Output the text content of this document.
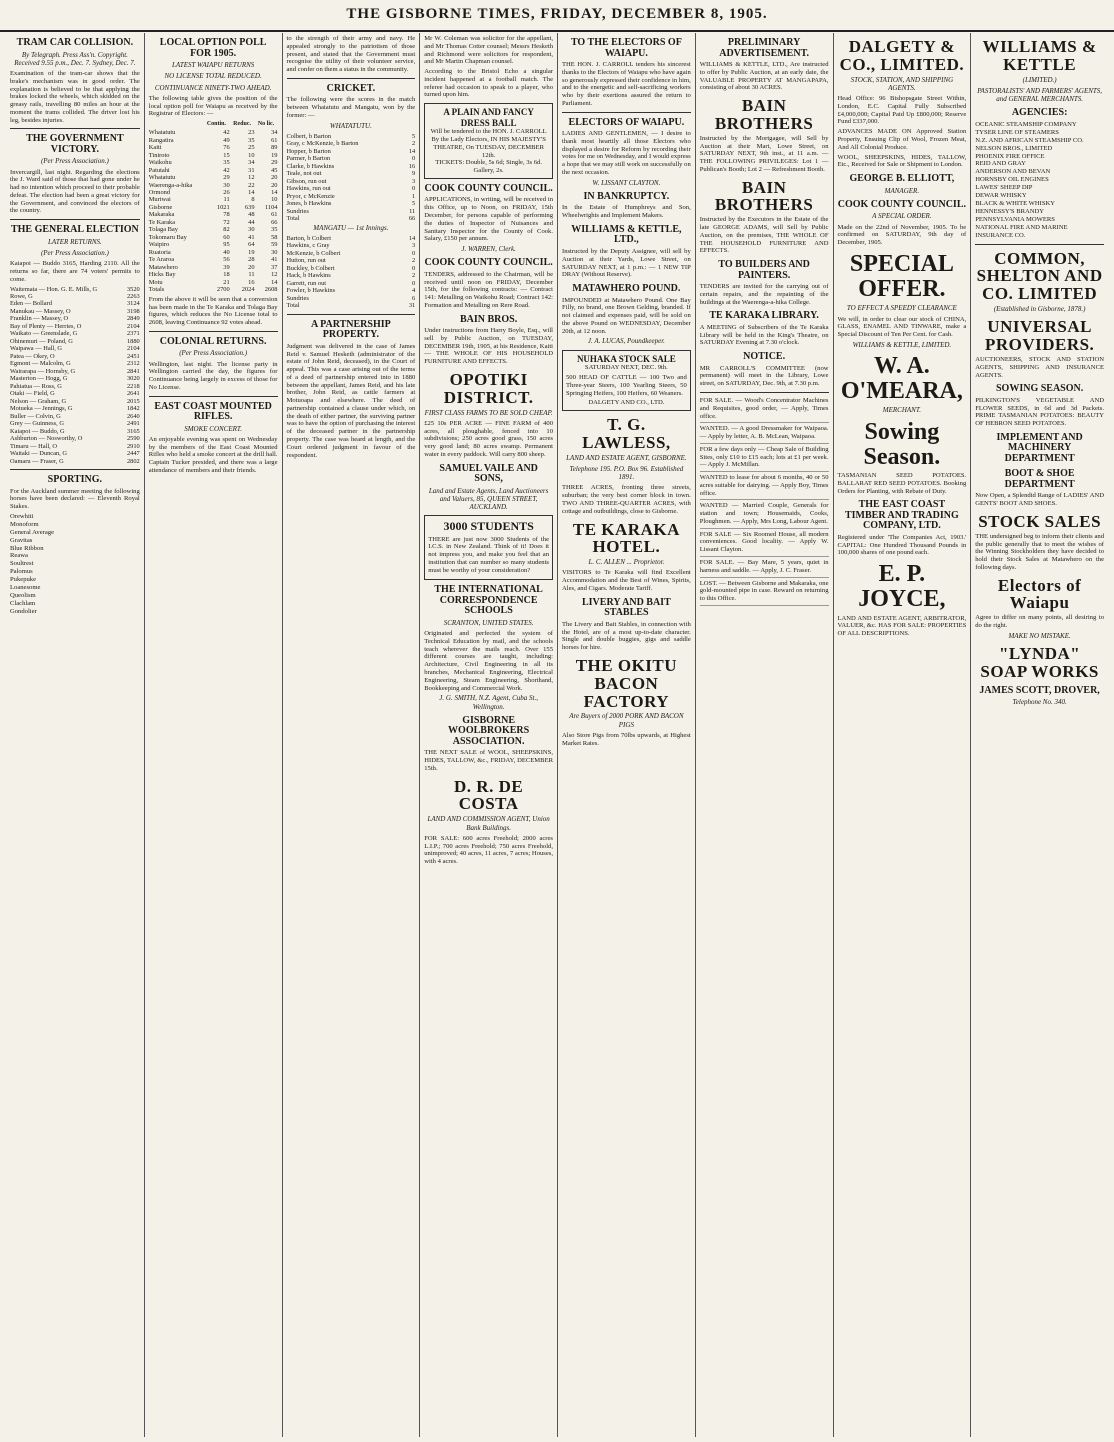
THE GISBORNE TIMES, FRIDAY, DECEMBER 8, 1905.
TRAM CAR COLLISION.
By Telegraph. Press Ass'n. Copyright. Received 9.55 p.m., Dec. 7. Sydney, Dec. 7.
Examination of the tram-car shows that the brake's mechanism was in good order. The explanation is believed to be that applying the brakes locked the wheels, which skidded on the greasy rails, travelling 80 miles an hour at the moment the trams collided. The driver lost his leg, besides injuries.
THE GOVERNMENT VICTORY.
(Per Press Association.)
Invercargill, last night. Regarding the elections the J. Ward said of those that had gone under he had no intention which proceed to their probable defeat. The election had been a great victory for the Government, and convinced the electors of the country.
THE GENERAL ELECTION
LATER RETURNS.
(Per Press Association.)
Kaiapoi — Buddo 3165, Harding 2110. All the returns so far, there are 74 voters' permits to come.
Waitemata — Hon. G. E. Mills, G	3520
Rowe, G	2263
Eden — Bollard	3124
Manukau — Massey, O	3198
Franklin — Massey, O	2849
Bay of Plenty — Herries, O	2104
Waikato — Greenslade, G	2371
Ohinemuri — Poland, G	1880
Waipawa — Hall, G	2104
Patea — Okey, O	2451
Egmont — Malcolm, G	2312
Wairarapa — Hornsby, G	2841
Masterton — Hogg, G	3020
Pahiatua — Ross, G	2218
Otaki — Field, G	2641
Nelson — Graham, G	2015
Motueka — Jennings, G	1842
Buller — Colvin, G	2640
Grey — Guinness, G	2491
Kaiapoi — Buddo, G	3165
Ashburton — Nosworthy, O	2590
Timaru — Hall, O	2910
Waitaki — Duncan, G	2447
Oamaru — Fraser, G	2802
SPORTING.
For the Auckland summer meeting the following horses have been declared: — Eleventh Royal Stakes.
Orewhiti
Monoform
General Average
Gravitas
Blue Ribbon
Reawa
Soultrest
Palomus
Pukepuke
Loanesome
Queolism
Clachlam
Gondolier
LOCAL OPTION POLL FOR 1905.
LATEST WAIAPU RETURNS
NO LICENSE TOTAL REDUCED.
CONTINUANCE NINETY-TWO AHEAD.
The following table gives the position of the local option poll for Waiapu as received by the Registrar of Electors: —
	Contin.	Reduc.	No lic.
Whatatutu	42	23	34
Rangatira	49	35	61
Kaiti	76	25	89
Tiniroto	15	10	19
Waikohu	35	34	29
Patutahi	42	31	45
Whatatutu	29	12	20
Waerenga-a-hika	30	22	20
Ormond	26	14	14
Muriwai	11	8	10
Gisborne	1021	639	1104
Makaraka	78	48	61
Te Karaka	72	44	66
Tolaga Bay	82	30	35
Tokomaru Bay	60	41	58
Waipiro	95	64	59
Ruatoria	40	19	30
Te Araroa	56	28	41
Matawhero	39	20	37
Hicks Bay	18	11	12
Motu	21	16	14
Totals	2700	2024	2608
From the above it will be seen that a conversion has been made in the Te Karaka and Tolaga Bay figures, which reduces the No License total to 2608, leaving Continuance 92 votes ahead.
COLONIAL RETURNS.
(Per Press Association.)
Wellington, last night. The license party in Wellington carried the day, the figures for Continuance being largely in excess of those for No License.
EAST COAST MOUNTED RIFLES.
SMOKE CONCERT.
An enjoyable evening was spent on Wednesday by the members of the East Coast Mounted Rifles who held a smoke concert at the drill hall. Captain Tucker presided, and there was a large attendance of members and their friends.
to the strength of their army and navy. He appealed strongly to the patriotism of those present, and stated that the Government must recognise the utility of their volunteer service, and confer on them a status in the community.
CRICKET.
The following were the scores in the match between Whatatutu and Mangatu, won by the former: —
WHATATUTU.
Colbert, b Barton	5
Gray, c McKenzie, b Barton	2
Hopper, b Barton	14
Parmer, b Barton	0
Clarke, b Hawkins	16
Teale, not out	9
Gibson, run out	3
Hawkins, run out	0
Pryor, c McKenzie	1
Jones, b Hawkins	5
Sundries	11
Total	66
MANGATU — 1st Innings.
Barton, b Colbert	14
Hawkins, c Gray	3
McKenzie, b Colbert	0
Hutton, run out	2
Buckley, b Colbert	0
Hack, b Hawkins	2
Garrett, run out	0
Fowler, b Hawkins	4
Sundries	6
Total	31
A PARTNERSHIP PROPERTY.
Judgment was delivered in the case of James Reid v. Samuel Hesketh (administrator of the estate of John Reid, deceased), in the Court of appeal. This was a case arising out of the terms of a deed of partnership entered into in 1880 between the appellant, James Reid, and his late brother, John Reid, as cattle farmers at Motuoapa and elsewhere. The deed of partnership contained a clause under which, on the death of either partner, the surviving partner was to have the option of purchasing the interest of the deceased partner in the partnership property. The case was heard at length, and the Court ordered judgment in favour of the respondent.
Mr W. Coleman was solicitor for the appellant, and Mr Thomas Cotter counsel; Messrs Hesketh and Richmond were solicitors for respondent, and Mr Martin Chapman counsel.
According to the Bristol Echo a singular incident happened at a football match. The referee had occasion to speak to a player, who turned upon him.
A PLAIN AND FANCY DRESS BALL
Will be tendered to the HON. J. CARROLL By the Lady Electors, IN HIS MAJESTY'S THEATRE, On TUESDAY, DECEMBER 12th.
TICKETS: Double, 5s 6d; Single, 3s 6d. Gallery, 2s.
COOK COUNTY COUNCIL.
APPLICATIONS, in writing, will be received in this Office, up to Noon, on FRIDAY, 15th December, for persons capable of performing the duties of Inspector of Nuisances and Sanitary Inspector for the County of Cook. Salary, £150 per annum.
J. WARREN, Clerk.
COOK COUNTY COUNCIL.
TENDERS, addressed to the Chairman, will be received until noon on FRIDAY, December 15th, for the following contracts: — Contract 141: Metalling on Waikohu Road; Contract 142: Formation and Metalling on Rere Road.
BAIN BROS.
Under instructions from Harry Boyle, Esq., will sell by Public Auction, on TUESDAY, DECEMBER 19th, 1905, at his Residence, Kaiti — THE WHOLE OF HIS HOUSEHOLD FURNITURE AND EFFECTS.
OPOTIKI DISTRICT.
FIRST CLASS FARMS TO BE SOLD CHEAP.
£25 10s PER ACRE — FINE FARM of 400 acres, all ploughable, fenced into 10 subdivisions; 250 acres good grass, 150 acres very good land; 80 acres swamp. Permanent water in every paddock. Will carry 800 sheep.
SAMUEL VAILE AND SONS,
Land and Estate Agents, Land Auctioneers and Valuers, 85, QUEEN STREET, AUCKLAND.
3000 STUDENTS
THERE are just now 3000 Students of the I.C.S. in New Zealand. Think of it! Does it not impress you, and make you feel that an institution that can number so many students must be worthy of your consideration?
THE INTERNATIONAL CORRESPONDENCE SCHOOLS
SCRANTON, UNITED STATES.
Originated and perfected the system of Technical Education by mail, and the schools teach wherever the mails reach. Over 155 different courses are taught, including: Architecture, Civil Engineering in all its branches, Mechanical Engineering, Electrical Engineering, Steam Engineering, Shorthand, Bookkeeping and Commercial Work.
J. G. SMITH, N.Z. Agent, Cuba St., Wellington.
GISBORNE WOOLBROKERS ASSOCIATION.
THE NEXT SALE of WOOL, SHEEPSKINS, HIDES, TALLOW, &c., FRIDAY, DECEMBER 15th.
D. R. DE COSTA
LAND AND COMMISSION AGENT, Union Bank Buildings.
FOR SALE: 600 acres Freehold; 2000 acres L.I.P.; 700 acres Freehold; 750 acres Freehold, unimproved; 40 acres, 11 acres, 7 acres; Houses, with 4 acres.
TO THE ELECTORS OF WAIAPU.
THE HON. J. CARROLL tenders his sincerest thanks to the Electors of Waiapu who have again so generously expressed their confidence in him, and to the energetic and self-sacrificing workers who by their exertions assured the return to Parliament.
ELECTORS OF WAIAPU.
LADIES AND GENTLEMEN, — I desire to thank most heartily all those Electors who displayed a desire for Reform by recording their votes for me on Wednesday, and I would express a hope that we may still work on successfully on the next occasion.
W. LISSANT CLAYTON.
IN BANKRUPTCY.
In the Estate of Humphreys and Son, Wheelwrights and Implement Makers.
WILLIAMS & KETTLE, LTD.,
Instructed by the Deputy Assignee, will sell by Auction at their Yards, Lowe Street, on SATURDAY NEXT, at 1 p.m.: — 1 NEW TIP DRAY (Without Reserve).
MATAWHERO POUND.
IMPOUNDED at Matawhero Pound. One Bay Filly, no brand, one Brown Gelding, branded. If not claimed and expenses paid, will be sold on the above Pound on WEDNESDAY, December 20th, at 12 noon.
J. A. LUCAS, Poundkeeper.
NUHAKA STOCK SALE
SATURDAY NEXT, DEC. 9th.
500 HEAD OF CATTLE — 100 Two and Three-year Steers, 100 Yearling Steers, 50 Springing Heifers, 100 Heifers, 60 Weaners.
DALGETY AND CO., LTD.
T. G. LAWLESS,
LAND AND ESTATE AGENT, GISBORNE.
Telephone 195. P.O. Box 96. Established 1891.
THREE ACRES, fronting three streets, suburban; the very best corner block in town. TWO AND THREE-QUARTER ACRES, with cottage and outbuildings, close to Gisborne.
TE KARAKA HOTEL.
L. C. ALLEN ... Proprietor.
VISITORS to Te Karaka will find Excellent Accommodation and the Best of Wines, Spirits, Ales, and Cigars. Moderate Tariff.
LIVERY AND BAIT STABLES
The Livery and Bait Stables, in connection with the Hotel, are of a most up-to-date character. Single and double buggies, gigs and saddle horses for hire.
THE OKITU BACON FACTORY
Are Buyers of 2000 PORK AND BACON PIGS
Also Store Pigs from 70lbs upwards, at Highest Market Rates.
PRELIMINARY ADVERTISEMENT.
WILLIAMS & KETTLE, LTD., Are instructed to offer by Public Auction, at an early date, the VALUABLE PROPERTY AT MANGAPAPA, consisting of about 30 ACRES.
BAIN BROTHERS
Instructed by the Mortgagee, will Sell by Auction at their Mart, Lowe Street, on SATURDAY NEXT, 9th inst., at 11 a.m. — THE FOLLOWING PRIVILEGES: Lot 1 — Publican's Booth; Lot 2 — Refreshment Booth.
BAIN BROTHERS
Instructed by the Executors in the Estate of the late GEORGE ADAMS, will Sell by Public Auction, on the premises, THE WHOLE OF THE HOUSEHOLD FURNITURE AND EFFECTS.
TO BUILDERS AND PAINTERS.
TENDERS are invited for the carrying out of certain repairs, and the repainting of the buildings at the Waerenga-a-hika College.
TE KARAKA LIBRARY.
A MEETING of Subscribers of the Te Karaka Library will be held in the King's Theatre, on SATURDAY Evening at 7.30 o'clock.
NOTICE.
MR CARROLL'S COMMITTEE (now permanent) will meet in the Library, Lowe street, on SATURDAY, Dec. 9th, at 7.30 p.m.
FOR SALE. — Wood's Concentrator Machines and Requisites, good order, — Apply, Times office.
WANTED. — A good Dressmaker for Waipaoa. — Apply by letter, A. B. McLean, Waipaoa.
FOR a few days only — Cheap Sale of Building Sites, only £10 to £15 each; lots at £1 per week. — Apply J. McMillan.
WANTED to lease for about 6 months, 40 or 50 acres suitable for dairying. — Apply Boy, Times office.
WANTED — Married Couple, Generals for station and town; Housemaids, Cooks, Ploughmen. — Apply, Mrs Long, Labour Agent.
FOR SALE — Six Roomed House, all modern conveniences. Good locality. — Apply W. Lissant Clayton.
FOR SALE. — Bay Mare, 5 years, quiet in harness and saddle. — Apply, J. C. Fraser.
LOST. — Between Gisborne and Makaraka, one gold-mounted pipe in case. Reward on returning to this Office.
DALGETY & CO., LIMITED.
STOCK, STATION, AND SHIPPING AGENTS.
Head Office: 96 Bishopsgate Street Within, London, E.C. Capital Fully Subscribed £4,000,000; Capital Paid Up £800,000; Reserve Fund £337,000.
ADVANCES MADE ON Approved Station Property, Ensuing Clip of Wool, Frozen Meat, And All Colonial Produce.
WOOL, SHEEPSKINS, HIDES, TALLOW, Etc., Received for Sale or Shipment to London.
GEORGE B. ELLIOTT,
MANAGER.
COOK COUNTY COUNCIL.
A SPECIAL ORDER.
Made on the 22nd of November, 1905. To be confirmed on SATURDAY, 9th day of December, 1905.
SPECIAL OFFER.
TO EFFECT A SPEEDY CLEARANCE
We will, in order to clear our stock of CHINA, GLASS, ENAMEL AND TINWARE, make a Special Discount of Ten Per Cent. for Cash.
WILLIAMS & KETTLE, LIMITED.
W. A. O'MEARA,
MERCHANT.
Sowing Season.
TASMANIAN SEED POTATOES. BALLARAT RED SEED POTATOES. Booking Orders for Planting, with Rebate of Duty.
THE EAST COAST TIMBER AND TRADING COMPANY, LTD.
Registered under 'The Companies Act, 1903.' CAPITAL: One Hundred Thousand Pounds in 100,000 shares of one pound each.
E. P. JOYCE,
LAND AND ESTATE AGENT, ARBITRATOR, VALUER, &c. HAS FOR SALE: PROPERTIES OF ALL DESCRIPTIONS.
WILLIAMS & KETTLE
(LIMITED.)
PASTORALISTS' AND FARMERS' AGENTS, and GENERAL MERCHANTS.
AGENCIES:
OCEANIC STEAMSHIP COMPANY
TYSER LINE OF STEAMERS
N.Z. AND AFRICAN STEAMSHIP CO.
NELSON BROS., LIMITED
PHOENIX FIRE OFFICE
REID AND GRAY
ANDERSON AND BEVAN
HORNSBY OIL ENGINES
LAWES' SHEEP DIP
DEWAR WHISKY
BLACK & WHITE WHISKY
HENNESSY'S BRANDY
PENNSYLVANIA MOWERS
NATIONAL FIRE AND MARINE INSURANCE CO.
COMMON, SHELTON AND CO. LIMITED
(Established in Gisborne, 1878.)
UNIVERSAL PROVIDERS.
AUCTIONEERS, STOCK AND STATION AGENTS, SHIPPING AND INSURANCE AGENTS.
SOWING SEASON.
PILKINGTON'S VEGETABLE AND FLOWER SEEDS, in 6d and 3d Packets. PRIME TASMANIAN POTATOES: BEAUTY OF HEBRON SEED POTATOES.
IMPLEMENT AND MACHINERY DEPARTMENT
BOOT & SHOE DEPARTMENT
Now Open, a Splendid Range of LADIES' AND GENTS' BOOT AND SHOES.
STOCK SALES
THE undersigned beg to inform their clients and the public generally that to meet the wishes of the Winning Stockholders they have decided to hold their Stock Sales at Matawhero on the following days.
Electors of Waiapu
Agree to differ on many points, all desiring to do the right.
MAKE NO MISTAKE.
"LYNDA" SOAP WORKS
JAMES SCOTT, DROVER,
Telephone No. 340.
